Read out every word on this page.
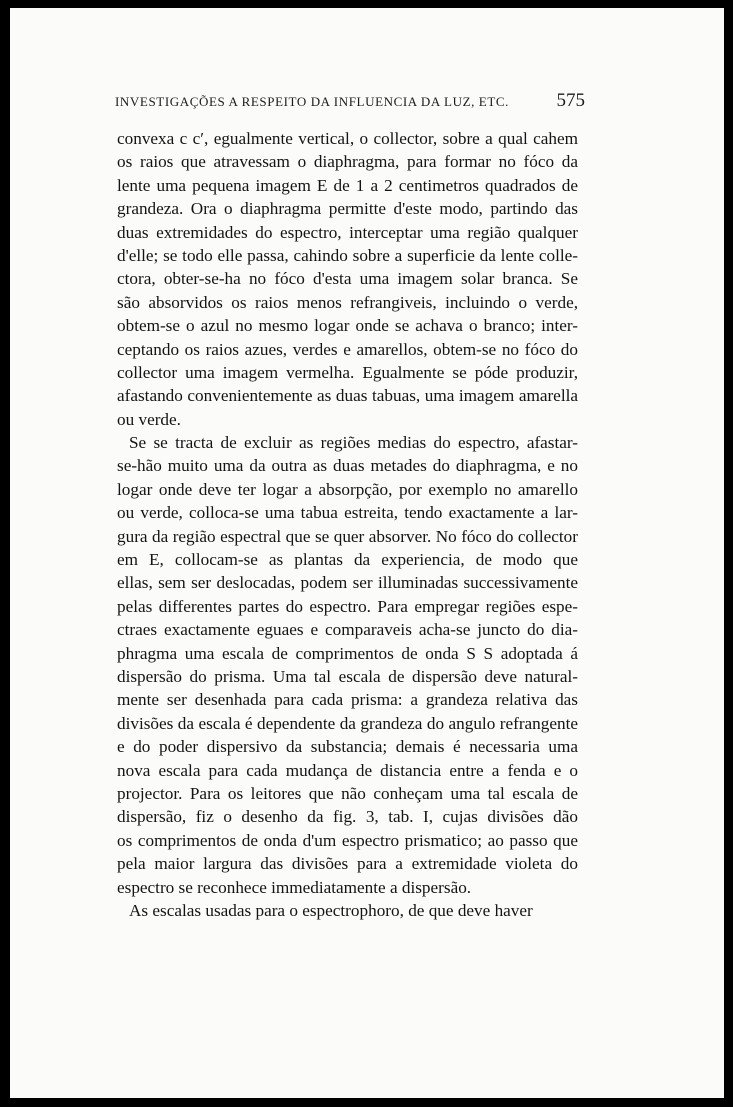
INVESTIGAÇÕES A RESPEITO DA INFLUENCIA DA LUZ, ETC. 575
convexa c c′, egualmente vertical, o collector, sobre a qual cahem
os raios que atravessam o diaphragma, para formar no fóco da
lente uma pequena imagem E de 1 a 2 centimetros quadrados de
grandeza. Ora o diaphragma permitte d'este modo, partindo das
duas extremidades do espectro, interceptar uma região qualquer
d'elle; se todo elle passa, cahindo sobre a superficie da lente colle-
ctora, obter-se-ha no fóco d'esta uma imagem solar branca. Se
são absorvidos os raios menos refrangiveis, incluindo o verde,
obtem-se o azul no mesmo logar onde se achava o branco; inter-
ceptando os raios azues, verdes e amarellos, obtem-se no fóco do
collector uma imagem vermelha. Egualmente se póde produzir,
afastando convenientemente as duas tabuas, uma imagem amarella
ou verde.
Se se tracta de excluir as regiões medias do espectro, afastar-
se-hão muito uma da outra as duas metades do diaphragma, e no
logar onde deve ter logar a absorpção, por exemplo no amarello
ou verde, colloca-se uma tabua estreita, tendo exactamente a lar-
gura da região espectral que se quer absorver. No fóco do collector
em E, collocam-se as plantas da experiencia, de modo que
ellas, sem ser deslocadas, podem ser illuminadas successivamente
pelas differentes partes do espectro. Para empregar regiões espe-
ctraes exactamente eguaes e comparaveis acha-se juncto do dia-
phragma uma escala de comprimentos de onda S S adoptada á
dispersão do prisma. Uma tal escala de dispersão deve natural-
mente ser desenhada para cada prisma: a grandeza relativa das
divisões da escala é dependente da grandeza do angulo refrangente
e do poder dispersivo da substancia; demais é necessaria uma
nova escala para cada mudança de distancia entre a fenda e o
projector. Para os leitores que não conheçam uma tal escala de
dispersão, fiz o desenho da fig. 3, tab. I, cujas divisões dão
os comprimentos de onda d'um espectro prismatico; ao passo que
pela maior largura das divisões para a extremidade violeta do
espectro se reconhece immediatamente a dispersão.
As escalas usadas para o espectrophoro, de que deve haver
